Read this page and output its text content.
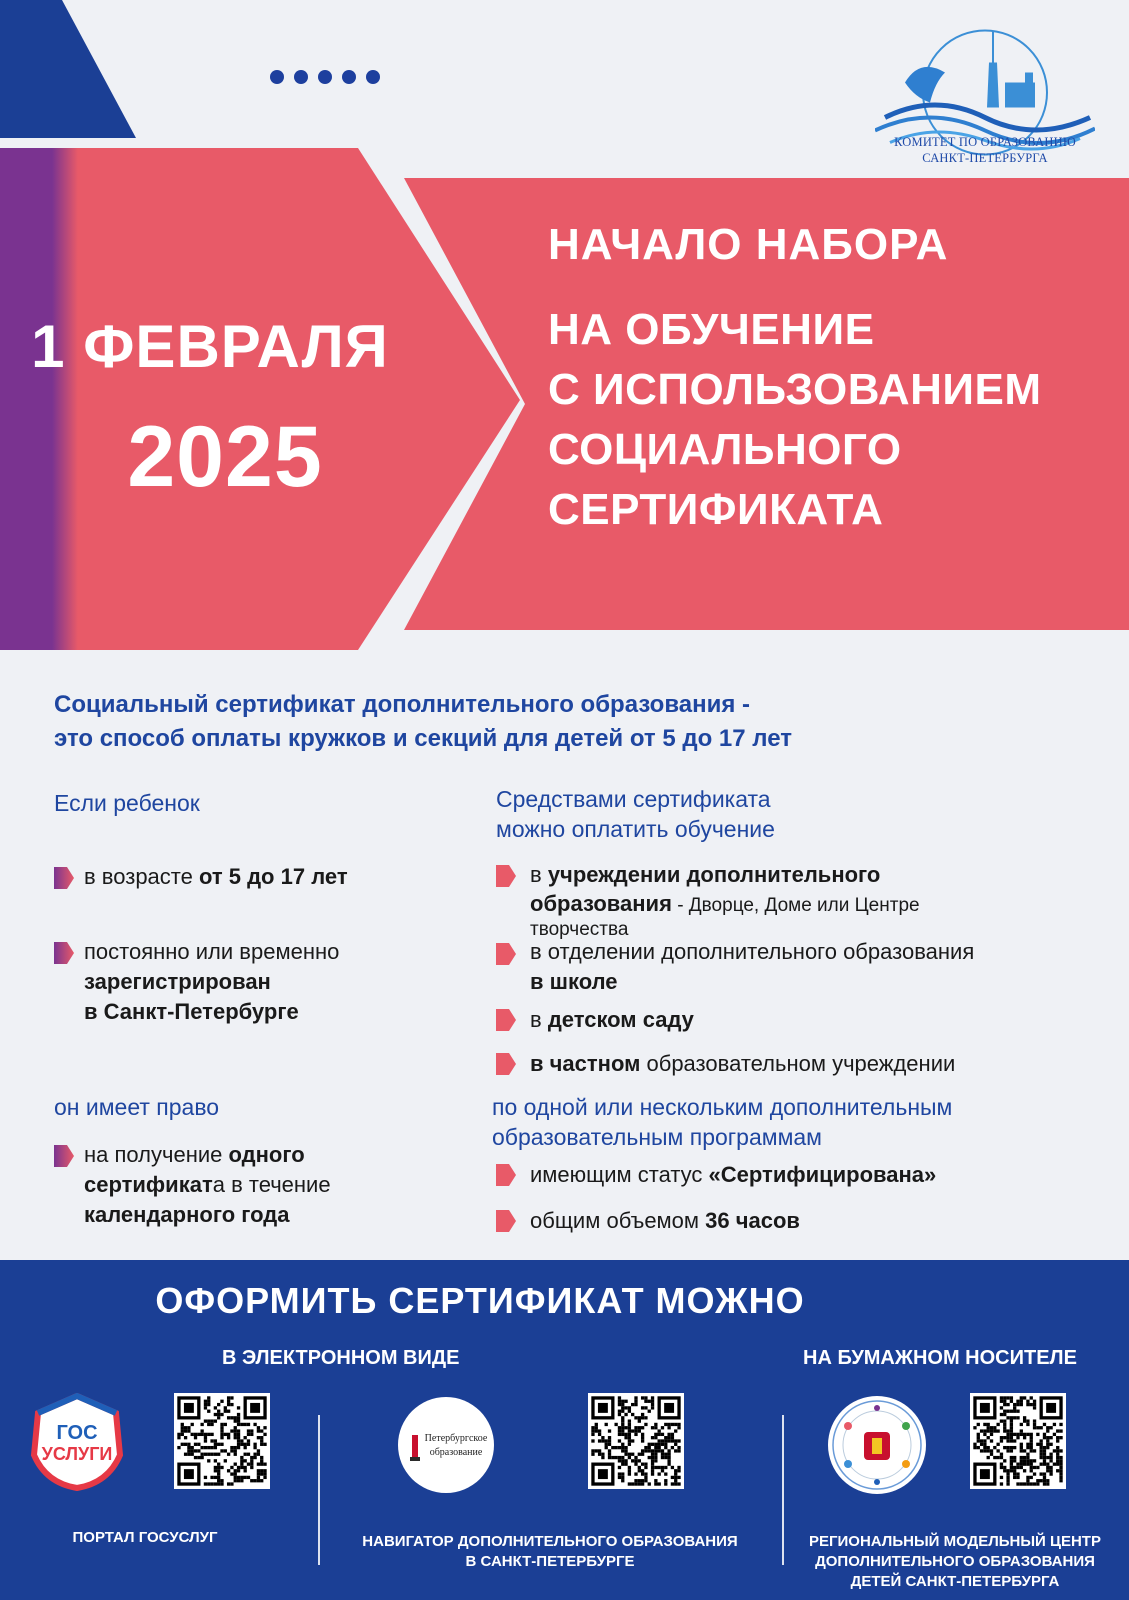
КОМИТЕТ ПО ОБРАЗОВАНИЮ
САНКТ-ПЕТЕРБУРГА
1 ФЕВРАЛЯ
2025
НАЧАЛО НАБОРА
НА ОБУЧЕНИЕ
С ИСПОЛЬЗОВАНИЕМ
СОЦИАЛЬНОГО
СЕРТИФИКАТА
Социальный сертификат дополнительного образования -
это способ оплаты кружков и секций для детей от 5 до 17 лет
Если ребенок
в возрасте от 5 до 17 лет
постоянно или временно
зарегистрирован
в Санкт-Петербурге
он имеет право
на получение одного
сертификата в течение
календарного года
Средствами сертификата
можно оплатить обучение
в учреждении дополнительного
образования - Дворце, Доме или Центре
творчества
в отделении дополнительного образования
в школе
в детском саду
в частном образовательном учреждении
по одной или нескольким дополнительным
образовательным программам
имеющим статус «Сертифицирована»
общим объемом 36 часов
ОФОРМИТЬ СЕРТИФИКАТ МОЖНО
В ЭЛЕКТРОННОМ ВИДЕ	НА БУМАЖНОМ НОСИТЕЛЕ
ГОС
УСЛУГИ
Петербургское
образование
ПОРТАЛ ГОСУСЛУГ	НАВИГАТОР ДОПОЛНИТЕЛЬНОГО ОБРАЗОВАНИЯ
В САНКТ-ПЕТЕРБУРГЕ
РЕГИОНАЛЬНЫЙ МОДЕЛЬНЫЙ ЦЕНТР
ДОПОЛНИТЕЛЬНОГО ОБРАЗОВАНИЯ
ДЕТЕЙ САНКТ-ПЕТЕРБУРГА
